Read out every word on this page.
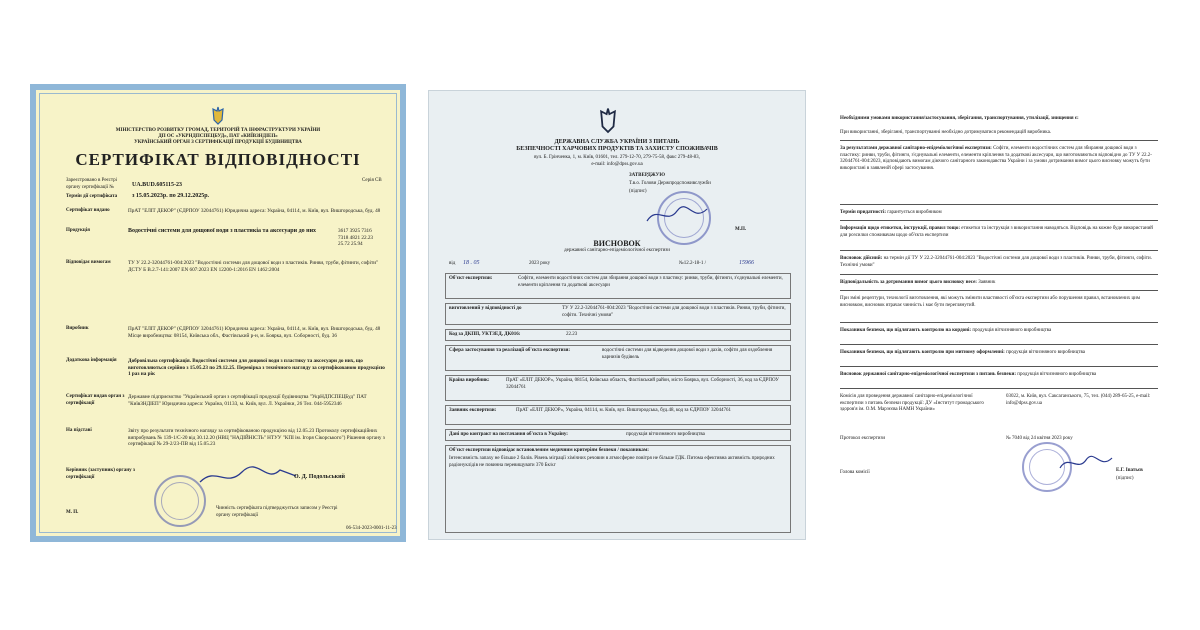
МІНІСТЕРСТВО РОЗВИТКУ ГРОМАД, ТЕРИТОРІЙ ТА ІНФРАСТРУКТУРИ УКРАЇНИ
ДП ОС «УКРНДПСПЕЦБУД», ПАТ «КИЇВЗНДІЕП»
УКРАЇНСЬКИЙ ОРГАН З СЕРТИФІКАЦІЇ ПРОДУКЦІЇ БУДІВНИЦТВА
СЕРТИФІКАТ ВІДПОВІДНОСТІ
Зареєстровано в Реєстрі органу сертифікації №	UA.BUD.605115-23
Серія СВ
Термін дії сертифіката з 15.05.2023р. по 29.12.2025р.
Сертифікат видано	ПрАТ "ЕЛІТ ДЕКОР" (ЄДРПОУ 32044761) Юридична адреса: Україна, 04114, м. Київ, вул. Вишгородська, буд. 48
Продукція	Водостічні системи для дощової води з пластикіа та аксесуари до них	3617 3925 7316 7318 4821 22.23 25.72 25.94
Відповідає вимогам	ТУ У 22.2-32044761-004:2023 "Водостічні системи для дощової води з пластиків. Ринви, труби, фітинги, софіти" ДСТУ Б В.2.7-141:2007 EN 607:2023 EN 12200-1:2016 EN 1462:2004
Виробник	ПрАТ "ЕЛІТ ДЕКОР" (ЄДРПОУ 32044761) Юридична адреса: Україна, 04114, м. Київ, вул. Вишгородська, буд. 48 Місце виробництва: 08154, Київська обл., Фастівський р-н, м. Боярка, вул. Соборності, буд. 36
Додаткова інформація	Добровільна сертифікація. Водостічні системи для дощової води з пластику та аксесуари до них, що виготовляються серійно з 15.05.23 по 29.12.25. Перевірка з технічного нагляду за сертифікованою продукцією 1 раз на рік
Сертифікат видав орган з сертифікації
Державне підприємство "Український орган з сертифікації продукції будівництва "УкрНДПСПЕЦБуд" ПАТ "КиївЗНДІЕП" Юридична адреса: Україна, 01133, м. Київ, вул. Л. Українки, 26 Тел. 044-5952346
На підставі	Звіту про результати технічного нагляду за сертифікованою продукцією від 12.05.23 Протоколу сертифікаційних випробувань № 139-1/С-20 від 30.12.20 (НВЦ "НАДІЙНІСТЬ" НТУУ "КПІ ім. Ігоря Сікорського") Рішення органу з сертифікації № 29-2/23-ПВ від 15.05.23
Керівник (заступник) органу з сертифікації	О. Д. Подольський
М. П.
Чинність сертифіката підтверджується записом у Реєстрі органу сертифікації
06-534-2023-0001-11-23
ДЕРЖАВНА СЛУЖБА УКРАЇНИ З ПИТАНЬ
БЕЗПЕЧНОСТІ ХАРЧОВИХ ПРОДУКТІВ ТА ЗАХИСТУ СПОЖИВАЧІВ
вул. Б. Грінченка, 1, м. Київ, 01601, тел. 279-12-70, 279-75-58, факс 279-48-83,
e-mail: info@dpss.gov.ua
ЗАТВЕРДЖУЮ
Т.в.о. Голови Держпродспоживслужби
(підпис)
М.П.
ВИСНОВОК
державної санітарно-епідеміологічної експертизи
від 18 . 05	2023 року	№12.2-18-1 /	15966
Об'єкт експертизи:	Софіти, елементи водостічних систем для збирання дощової води з пластику: ринви, труби, фітинги, з'єднувальні елементи, елементи кріплення та додаткові аксесуари
виготовлений у відповідності до	ТУ У 22.2-32044761-004:2023 "Водостічні системи для дощової води з пластиків. Ринви, труби, фітинги, софіти. Технічні умови"
Код за ДКПП, УКТЗЕД, ДК016:	22.23
Сфера застосування та реалізації об'єкта експертизи:	водостічні системи для відведення дощової води з дахів, софіти для оздоблення карнизів будівель
Країна виробник:	ПрАТ «ЕЛІТ ДЕКОР», Україна, 08154, Київська область, Фастівський район, місто Боярка, вул. Соборності, 36, код за ЄДРПОУ 32044761
Заявник експертизи:	ПрАТ «ЕЛІТ ДЕКОР», Україна, 04114, м. Київ, вул. Вишгородська, буд.48, код за ЄДРПОУ 32044761
Дані про контракт на постачання об'єкта в Україну:	продукція вітчизняного виробництва
Об'єкт експертизи відповідає встановленим медичним критеріям безпеки / показникам:
Інтенсивність запаху не більше 2 балів. Рівень міграції хімічних речовин в атмосферне повітря не більше ГДК. Питома ефективна активність природних радіонуклідів не повинна перевищувати 370 Бк/кг
Необхідними умовами використання/застосування, зберігання, транспортування, утилізації, знищення є:
При використанні, зберіганні, транспортуванні необхідно дотримуватися рекомендацій виробника.
За результатами державної санітарно-епідеміологічної експертизи: Софіти, елементи водостічних систем для збирання дощової води з пластику: ринви, труби, фітинги, з'єднувальні елементи, елементи кріплення та додаткові аксесуари, що виготовляються відповідно до ТУ У 22.2-32044761-004:2023, відповідають вимогам діючого санітарного законодавства України і за умови дотримання вимог цього висновку можуть бути використані в заявленій сфері застосування.
Термін придатності: гарантується виробником
Інформація щодо етикетки, інструкції, правил тощо: етикетки та інструкція з використання наводяться. Відповідь на кожне буде використаний для розсилки споживачам щодо об'єкта експертизи
Висновок дійсний: на термін дії ТУ У 22.2-32044761-004:2023 "Водостічні системи для дощової води з пластиків. Ринви, труби, фітинги, софіти. Технічні умови"
Відповідальність за дотримання вимог цього висновку несе: Заявник
При зміні рецептури, технології виготовлення, які можуть змінити властивості об'єкта експертизи або порушення правил, встановлених цим висновком, висновок втрачає чинність і має бути переглянутий.
Показники безпеки, що підлягають контролю на кордоні: продукція вітчизняного виробництва
Показники безпеки, що підлягають контролю при митному оформленні: продукція вітчизняного виробництва
Висновок державної санітарно-епідеміологічної експертизи з питань безпеки: продукція вітчизняного виробництва
Комісія для проведення державної санітарно-епідеміологічної експертизи з питань безпеки продукції: ДУ «Інститут громадського здоров'я ім. О.М. Марзєєва НАМН України»
03022, м. Київ, вул. Саксаганського, 75, тел. (044) 289-65-25, e-mail: info@dpss.gov.ua
Протокол експертизи	№ 7040 від 24 квітня 2023 року
Голова комісії	Е.Г. Іпатьєв
(підпис)
